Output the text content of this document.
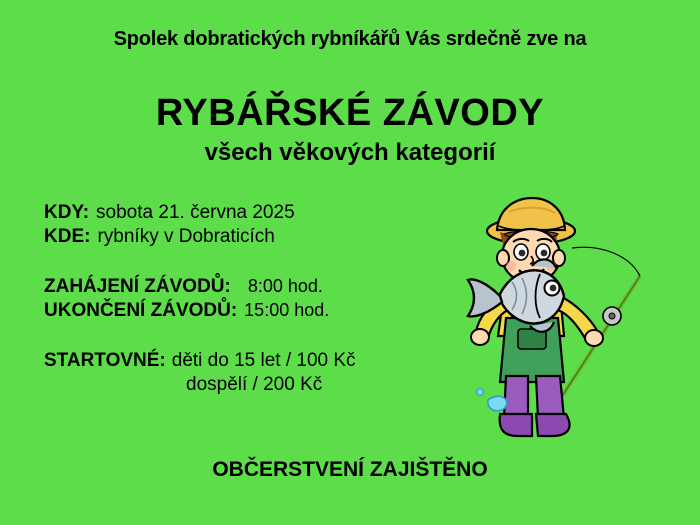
Spolek dobratických rybníkářů Vás srdečně zve na
RYBÁŘSKÉ ZÁVODY
všech věkových kategorií
KDY: sobota 21. června 2025
KDE: rybníky v Dobraticích
ZAHÁJENÍ ZÁVODŮ: 8:00 hod.
UKONČENÍ ZÁVODŮ: 15:00 hod.
STARTOVNÉ: děti do 15 let / 100 Kč
dospělí / 200 Kč
OBČERSTVENÍ ZAJIŠTĚNO
